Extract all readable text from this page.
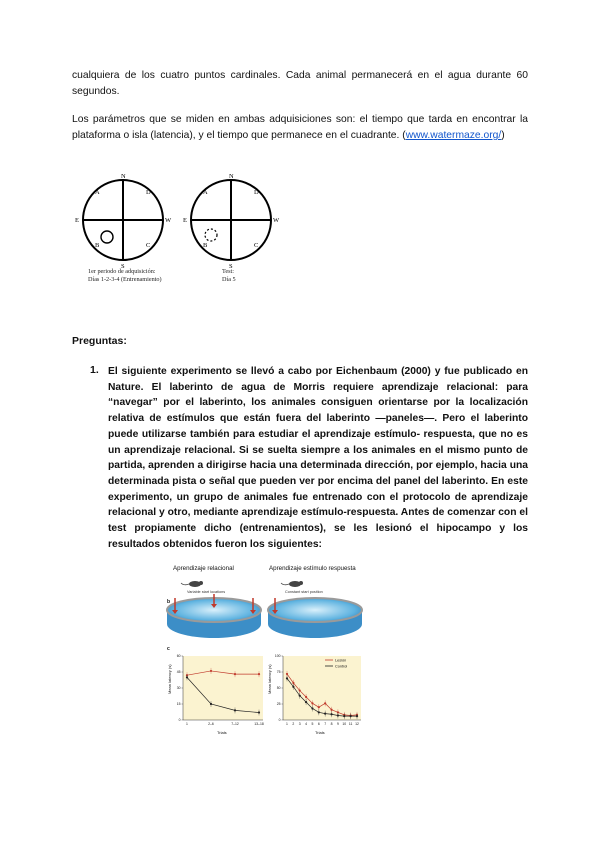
cualquiera de los cuatro puntos cardinales. Cada animal permanecerá en el agua durante 60 segundos.

Los parámetros que se miden en ambas adquisiciones son: el tiempo que tarda en encontrar la plataforma o isla (latencia), y el tiempo que permanece en el cuadrante. (www.watermaze.org/)

N
A	D
E	W
B	C
S
N
A	D
E	W
B	C
S
1er periodo de adquisición:
Días 1-2-3-4 (Entrenamiento)
Test:
Día 5

Preguntas:

1. El siguiente experimento se llevó a cabo por Eichenbaum (2000) y fue publicado en Nature. El laberinto de agua de Morris requiere aprendizaje relacional: para “navegar” por el laberinto, los animales consiguen orientarse por la localización relativa de estímulos que están fuera del laberinto —paneles—. Pero el laberinto puede utilizarse también para estudiar el aprendizaje estímulo- respuesta, que no es un aprendizaje relacional. Si se suelta siempre a los animales en el mismo punto de partida, aprenden a dirigirse hacia una determinada dirección, por ejemplo, hacia una determinada pista o señal que pueden ver por encima del panel del laberinto. En este experimento, un grupo de animales fue entrenado con el protocolo de aprendizaje relacional y otro, mediante aprendizaje estímulo-respuesta. Antes de comenzar con el test propiamente dicho (entrenamientos), se les lesionó el hipocampo y los resultados obtenidos fueron los siguientes:

Aprendizaje relacional	Aprendizaje estímulo respuesta
b
Variable start locations	Constant start position
c
0
15
30
45
60
1	2–6	7–12	13–18
0
25
50
75
100
1 2 3 4 5 6 7 8 9 10 11 12
Mean latency (s)	Mean latency (s)
Trials	Trials
Lesión
Control
